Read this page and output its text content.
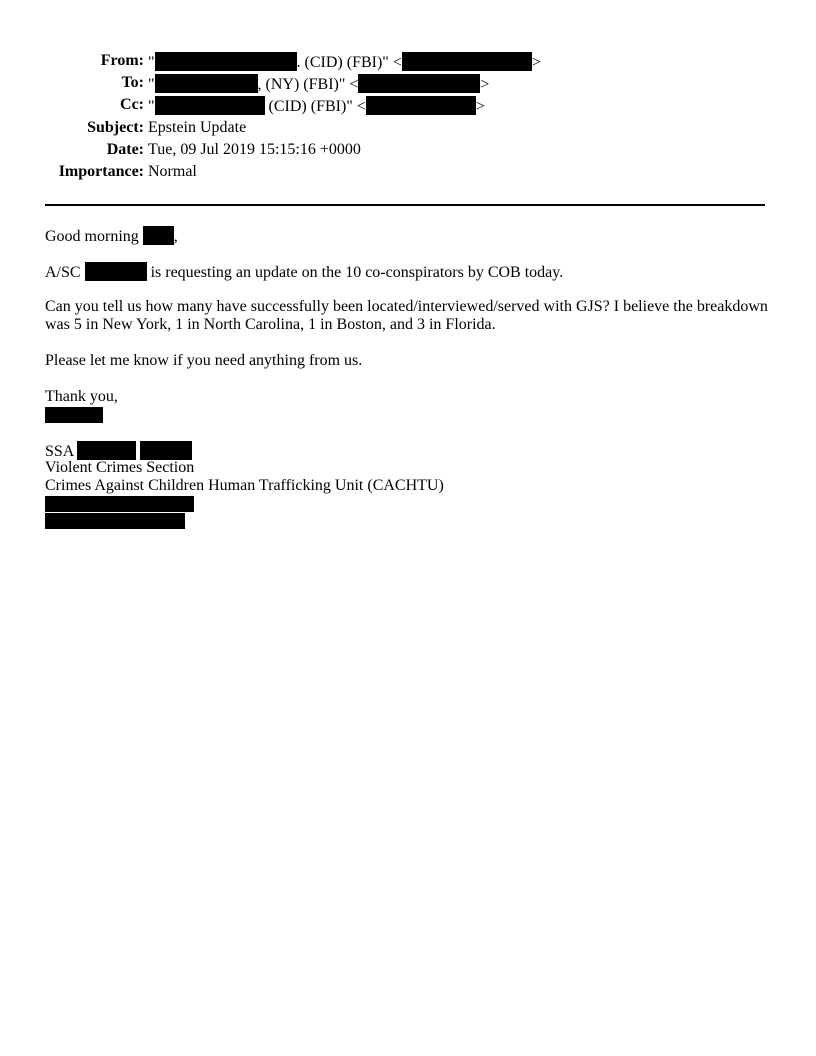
From: "	. (CID) (FBI)" <	>
To: "	, (NY) (FBI)" <	>
Cc: "	(CID) (FBI)" <	>
Subject: Epstein Update
Date: Tue, 09 Jul 2019 15:15:16 +0000
Importance: Normal
Good morning ,
A/SC	is requesting an update on the 10 co-conspirators by COB today.
Can you tell us how many have successfully been located/interviewed/served with GJS? I believe the breakdown
was 5 in New York, 1 in North Carolina, 1 in Boston, and 3 in Florida.
Please let me know if you need anything from us.
Thank you,
SSA
Violent Crimes Section
Crimes Against Children Human Trafficking Unit (CACHTU)
